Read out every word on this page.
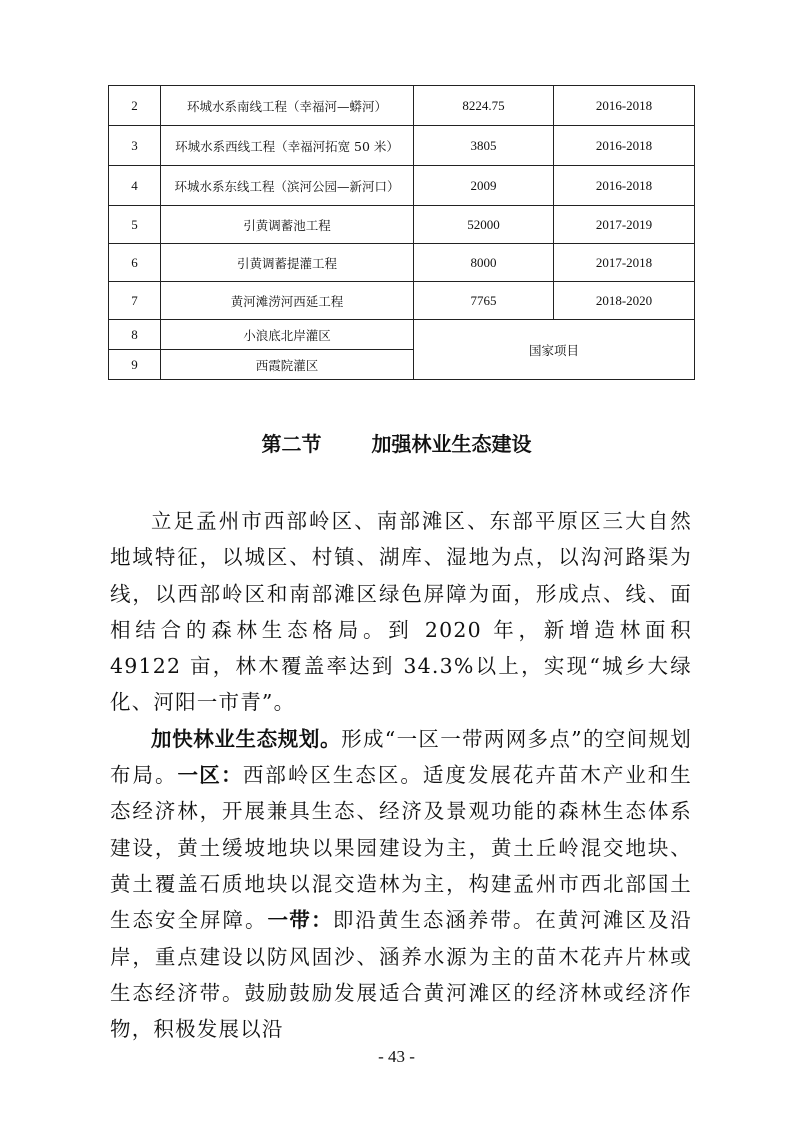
2	环城水系南线工程（幸福河—蟒河）	8224.75	2016-2018
3	环城水系西线工程（幸福河拓宽 50 米）	3805	2016-2018
4	环城水系东线工程（滨河公园—新河口）	2009	2016-2018
5	引黄调蓄池工程	52000	2017-2019
6	引黄调蓄提灌工程	8000	2017-2018
7	黄河滩涝河西延工程	7765	2018-2020
8	小浪底北岸灌区	国家项目	
9	西霞院灌区		
第二节	加强林业生态建设

立足孟州市西部岭区、南部滩区、东部平原区三大自然地域特征，以城区、村镇、湖库、湿地为点，以沟河路渠为线，以西部岭区和南部滩区绿色屏障为面，形成点、线、面相结合的森林生态格局。到 2020 年，新增造林面积 49122 亩，林木覆盖率达到 34.3%以上，实现“城乡大绿化、河阳一市青”。

加快林业生态规划。形成“一区一带两网多点”的空间规划布局。一区：西部岭区生态区。适度发展花卉苗木产业和生态经济林，开展兼具生态、经济及景观功能的森林生态体系建设，黄土缓坡地块以果园建设为主，黄土丘岭混交地块、黄土覆盖石质地块以混交造林为主，构建孟州市西北部国土生态安全屏障。一带：即沿黄生态涵养带。在黄河滩区及沿岸，重点建设以防风固沙、涵养水源为主的苗木花卉片林或生态经济带。鼓励鼓励发展适合黄河滩区的经济林或经济作物，积极发展以沿

- 43 -
